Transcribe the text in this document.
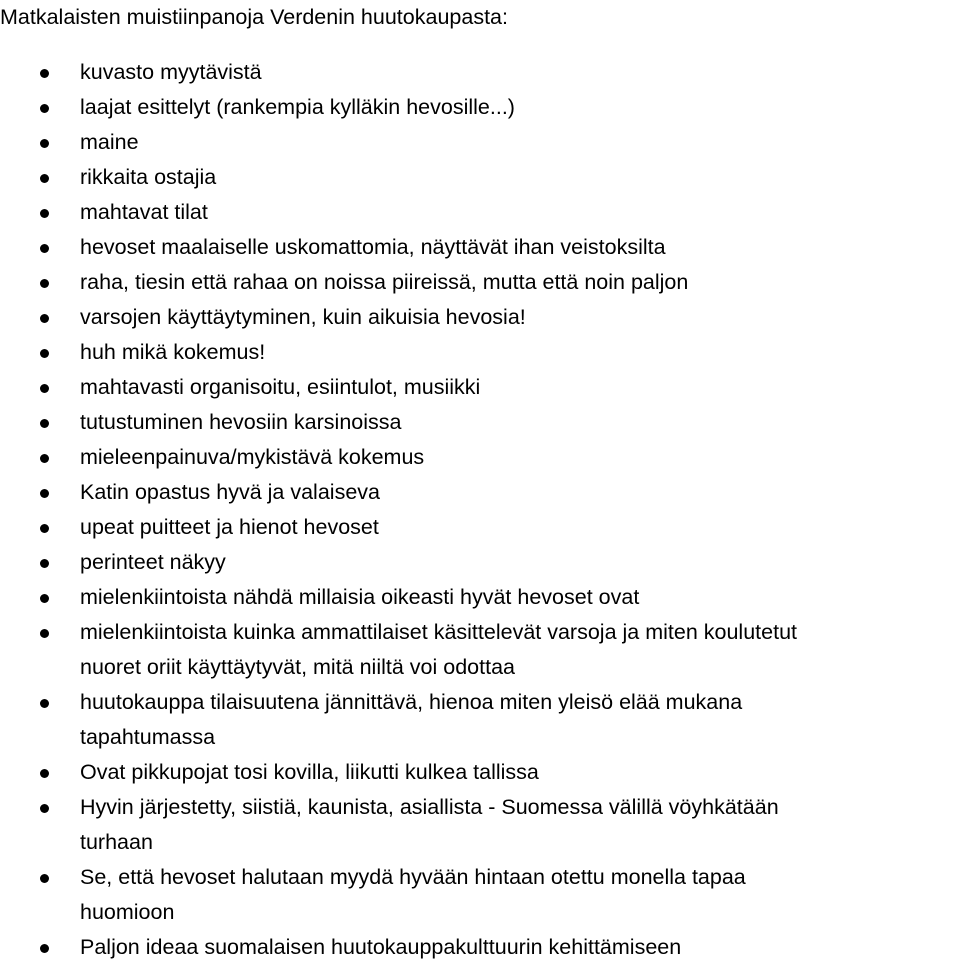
Matkalaisten muistiinpanoja Verdenin huutokaupasta:
kuvasto myytävistä
laajat esittelyt (rankempia kylläkin hevosille...)
maine
rikkaita ostajia
mahtavat tilat
hevoset maalaiselle uskomattomia, näyttävät ihan veistoksilta
raha, tiesin että rahaa on noissa piireissä, mutta että noin paljon
varsojen käyttäytyminen, kuin aikuisia hevosia!
huh mikä kokemus!
mahtavasti organisoitu, esiintulot, musiikki
tutustuminen hevosiin karsinoissa
mieleenpainuva/mykistävä kokemus
Katin opastus hyvä ja valaiseva
upeat puitteet ja hienot hevoset
perinteet näkyy
mielenkiintoista nähdä millaisia oikeasti hyvät hevoset ovat
mielenkiintoista kuinka ammattilaiset käsittelevät varsoja ja miten koulutetut
nuoret oriit käyttäytyvät, mitä niiltä voi odottaa
huutokauppa tilaisuutena jännittävä, hienoa miten yleisö elää mukana
tapahtumassa
Ovat pikkupojat tosi kovilla, liikutti kulkea tallissa
Hyvin järjestetty, siistiä, kaunista, asiallista - Suomessa välillä vöyhkätään
turhaan
Se, että hevoset halutaan myydä hyvään hintaan otettu monella tapaa
huomioon
Paljon ideaa suomalaisen huutokauppakulttuurin kehittämiseen
